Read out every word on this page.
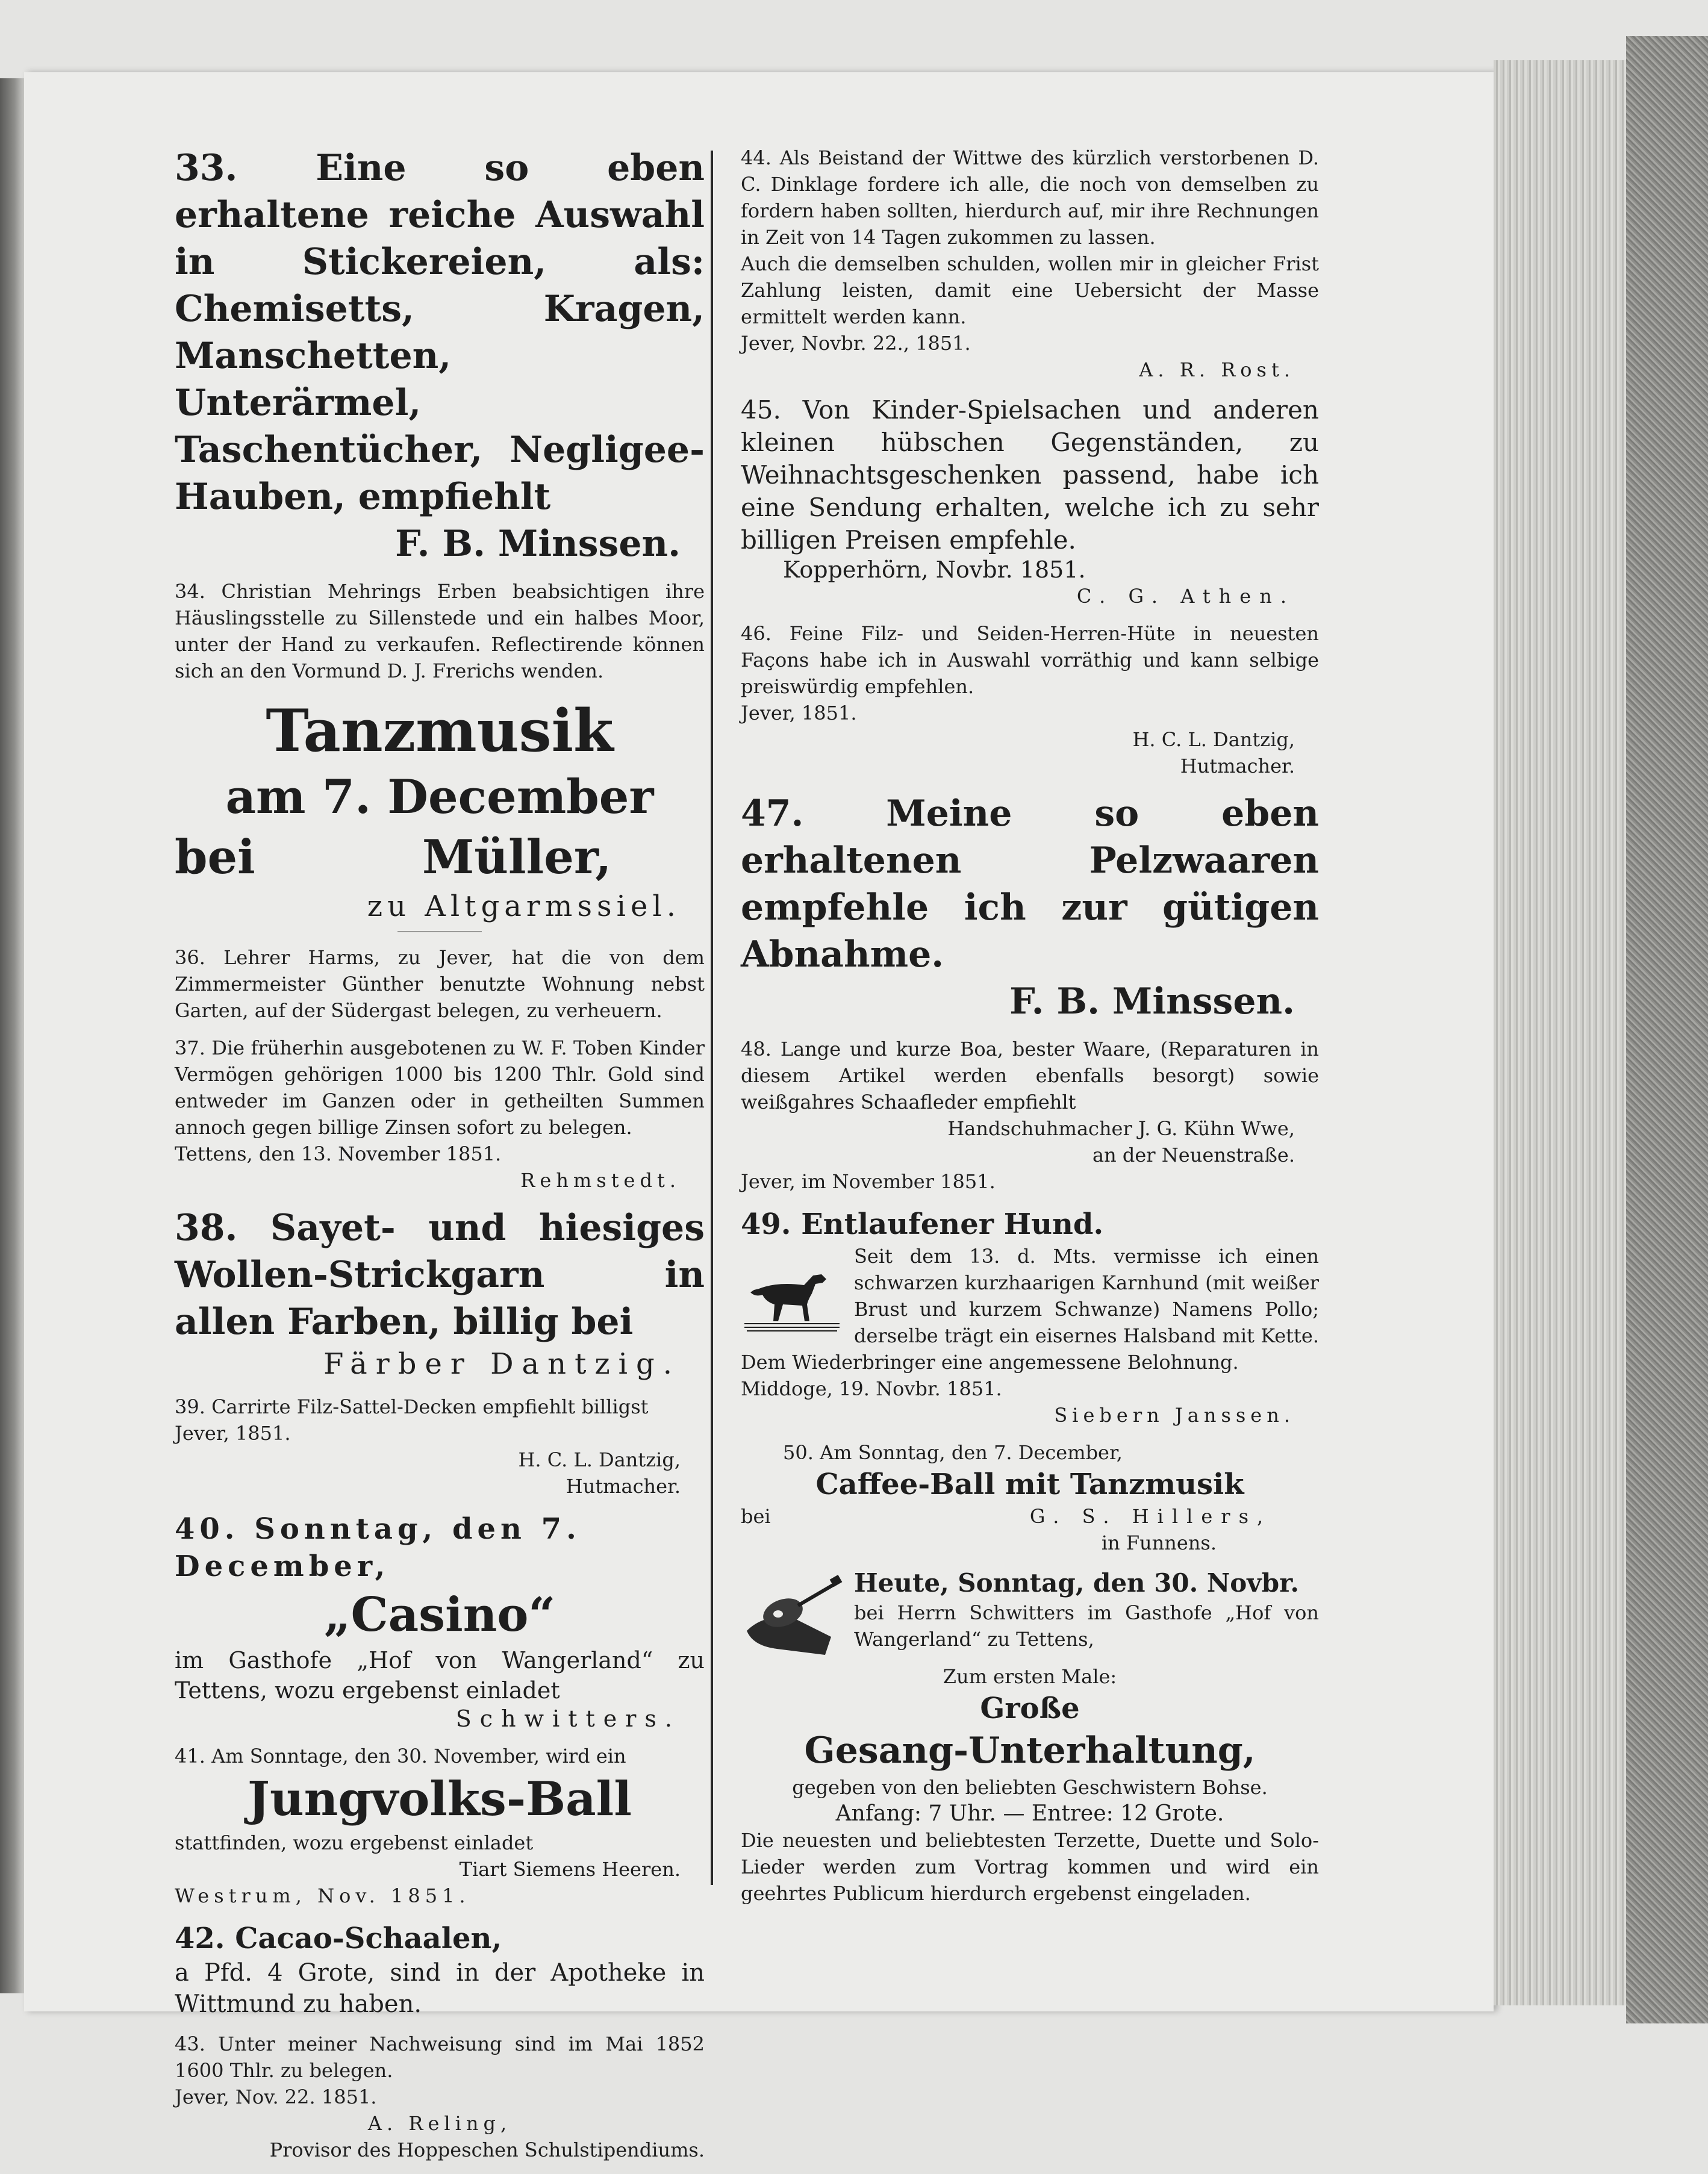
33. Eine so eben erhaltene reiche Auswahl in Stickereien, als: Chemisetts, Kragen, Manschetten, Unterärmel, Taschentücher, Negligee-Hauben, empfiehlt

F. B. Minssen.

34. Christian Mehrings Erben beabsichtigen ihre Häuslingsstelle zu Sillenstede und ein halbes Moor, unter der Hand zu verkaufen. Reflectirende können sich an den Vormund D. J. Frerichs wenden.

Tanzmusik

am 7. December

bei	Müller,

zu Altgarmssiel.

36. Lehrer Harms, zu Jever, hat die von dem Zimmermeister Günther benutzte Wohnung nebst Garten, auf der Südergast belegen, zu verheuern.

37. Die früherhin ausgebotenen zu W. F. Toben Kinder Vermögen gehörigen 1000 bis 1200 Thlr. Gold sind entweder im Ganzen oder in getheilten Summen annoch gegen billige Zinsen sofort zu belegen.

Tettens, den 13. November 1851.

Rehmstedt.

38. Sayet- und hiesiges Wollen-Strickgarn in allen Farben, billig bei

Färber Dantzig.

39. Carrirte Filz-Sattel-Decken empfiehlt billigst

Jever, 1851.

H. C. L. Dantzig,

Hutmacher.

40. Sonntag, den 7. December,

„Casino“

im Gasthofe „Hof von Wangerland“ zu Tettens, wozu ergebenst einladet

Schwitters.

41. Am Sonntage, den 30. November, wird ein

Jungvolks-Ball

stattfinden, wozu ergebenst einladet

Tiart Siemens Heeren.

Westrum, Nov. 1851.

42. Cacao-Schaalen,

a Pfd. 4 Grote, sind in der Apotheke in Wittmund zu haben.

43. Unter meiner Nachweisung sind im Mai 1852 1600 Thlr. zu belegen.

Jever, Nov. 22. 1851.

A. Reling,

Provisor des Hoppeschen Schulstipendiums.

44. Als Beistand der Wittwe des kürzlich verstorbenen D. C. Dinklage fordere ich alle, die noch von demselben zu fordern haben sollten, hierdurch auf, mir ihre Rechnungen in Zeit von 14 Tagen zukommen zu lassen.

Auch die demselben schulden, wollen mir in gleicher Frist Zahlung leisten, damit eine Uebersicht der Masse ermittelt werden kann.

Jever, Novbr. 22., 1851.

A. R. Rost.

45. Von Kinder-Spielsachen und anderen kleinen hübschen Gegenständen, zu Weihnachtsgeschenken passend, habe ich eine Sendung erhalten, welche ich zu sehr billigen Preisen empfehle.

Kopperhörn, Novbr. 1851.

C. G. Athen.

46. Feine Filz- und Seiden-Herren-Hüte in neuesten Façons habe ich in Auswahl vorräthig und kann selbige preiswürdig empfehlen.

Jever, 1851.

H. C. L. Dantzig,

Hutmacher.

47. Meine so eben erhaltenen Pelzwaaren empfehle ich zur gütigen Abnahme.

F. B. Minssen.

48. Lange und kurze Boa, bester Waare, (Reparaturen in diesem Artikel werden ebenfalls besorgt) sowie weißgahres Schaafleder empfiehlt

Handschuhmacher J. G. Kühn Wwe,

an der Neuenstraße.

Jever, im November 1851.

49. Entlaufener Hund.

Seit dem 13. d. Mts. vermisse ich einen schwarzen kurzhaarigen Karnhund (mit weißer Brust und kurzem Schwanze) Namens Pollo; derselbe trägt ein eisernes Halsband mit Kette. Dem Wiederbringer eine angemessene Belohnung.

Middoge, 19. Novbr. 1851.

Siebern Janssen.

50. Am Sonntag, den 7. December,

Caffee-Ball mit Tanzmusik

bei	G. S. Hillers,

in Funnens.

Heute, Sonntag, den 30. Novbr.

bei Herrn Schwitters im Gasthofe „Hof von Wangerland“ zu Tettens,

Zum ersten Male:

Große

Gesang-Unterhaltung,

gegeben von den beliebten Geschwistern Bohse.

Anfang: 7 Uhr. — Entree: 12 Grote.

Die neuesten und beliebtesten Terzette, Duette und Solo-Lieder werden zum Vortrag kommen und wird ein geehrtes Publicum hierdurch ergebenst eingeladen.
